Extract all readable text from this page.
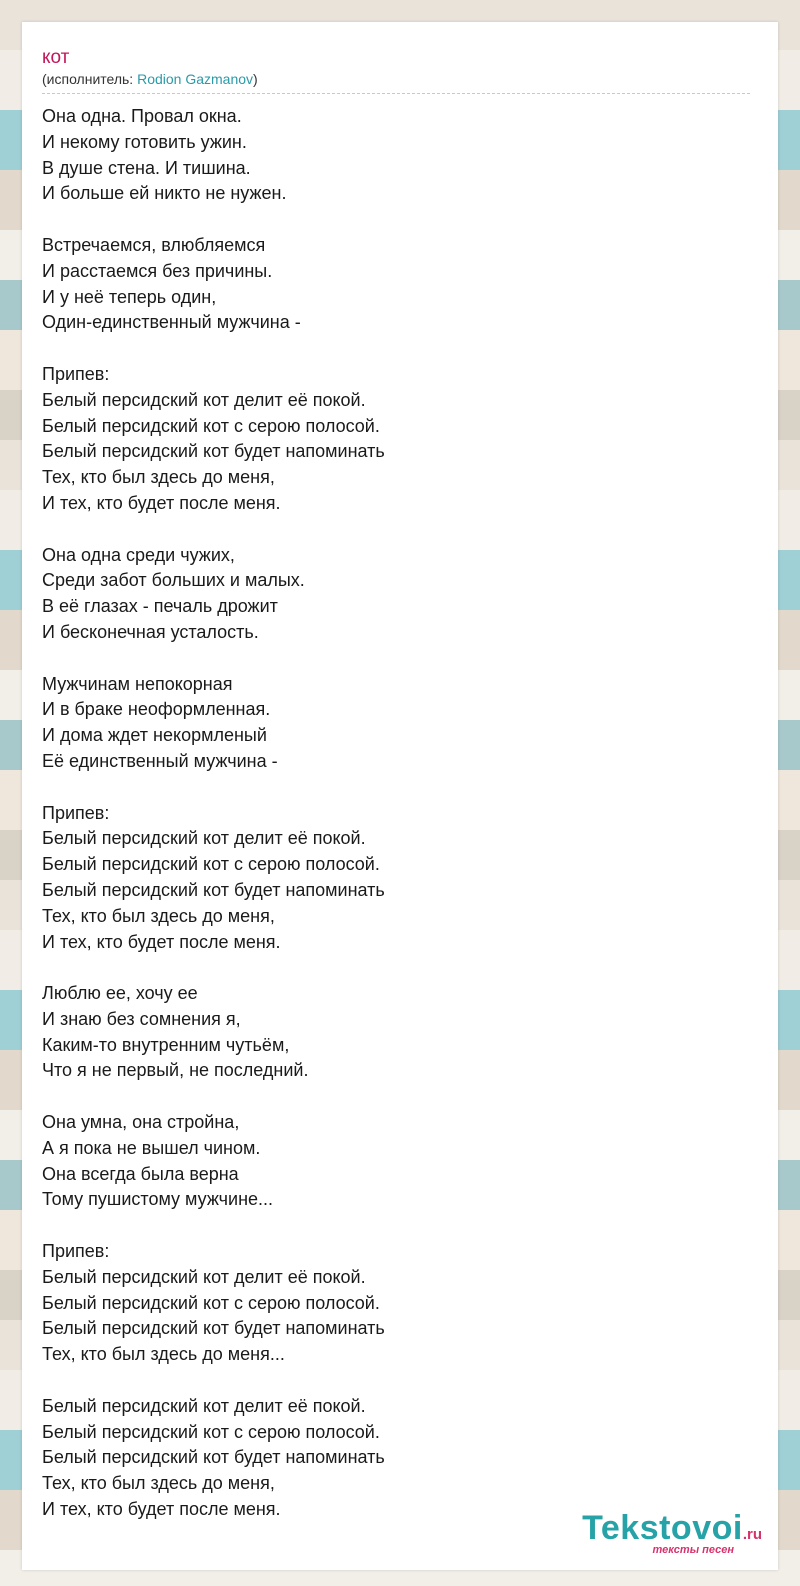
кот
(исполнитель: Rodion Gazmanov)
Она одна. Провал окна.
И некому готовить ужин.
В душе стена. И тишина.
И больше ей никто не нужен.

Встречаемся, влюбляемся
И расстаемся без причины.
И у неё теперь один,
Один-единственный мужчина -

Припев:
Белый персидский кот делит её покой.
Белый персидский кот с серою полосой.
Белый персидский кот будет напоминать
Тех, кто был здесь до меня,
И тех, кто будет после меня.

Она одна среди чужих,
Среди забот больших и малых.
В её глазах - печаль дрожит
И бесконечная усталость.

Мужчинам непокорная
И в браке неоформленная.
И дома ждет некормленый
Её единственный мужчина -

Припев:
Белый персидский кот делит её покой.
Белый персидский кот с серою полосой.
Белый персидский кот будет напоминать
Тех, кто был здесь до меня,
И тех, кто будет после меня.

Люблю ее, хочу ее
И знаю без сомнения я,
Каким-то внутренним чутьём,
Что я не первый, не последний.

Она умна, она стройна,
А я пока не вышел чином.
Она всегда была верна
Тому пушистому мужчине...

Припев:
Белый персидский кот делит её покой.
Белый персидский кот с серою полосой.
Белый персидский кот будет напоминать
Тех, кто был здесь до меня...

Белый персидский кот делит её покой.
Белый персидский кот с серою полосой.
Белый персидский кот будет напоминать
Тех, кто был здесь до меня,
И тех, кто будет после меня.	Tekstovoi.ru
тексты песен
